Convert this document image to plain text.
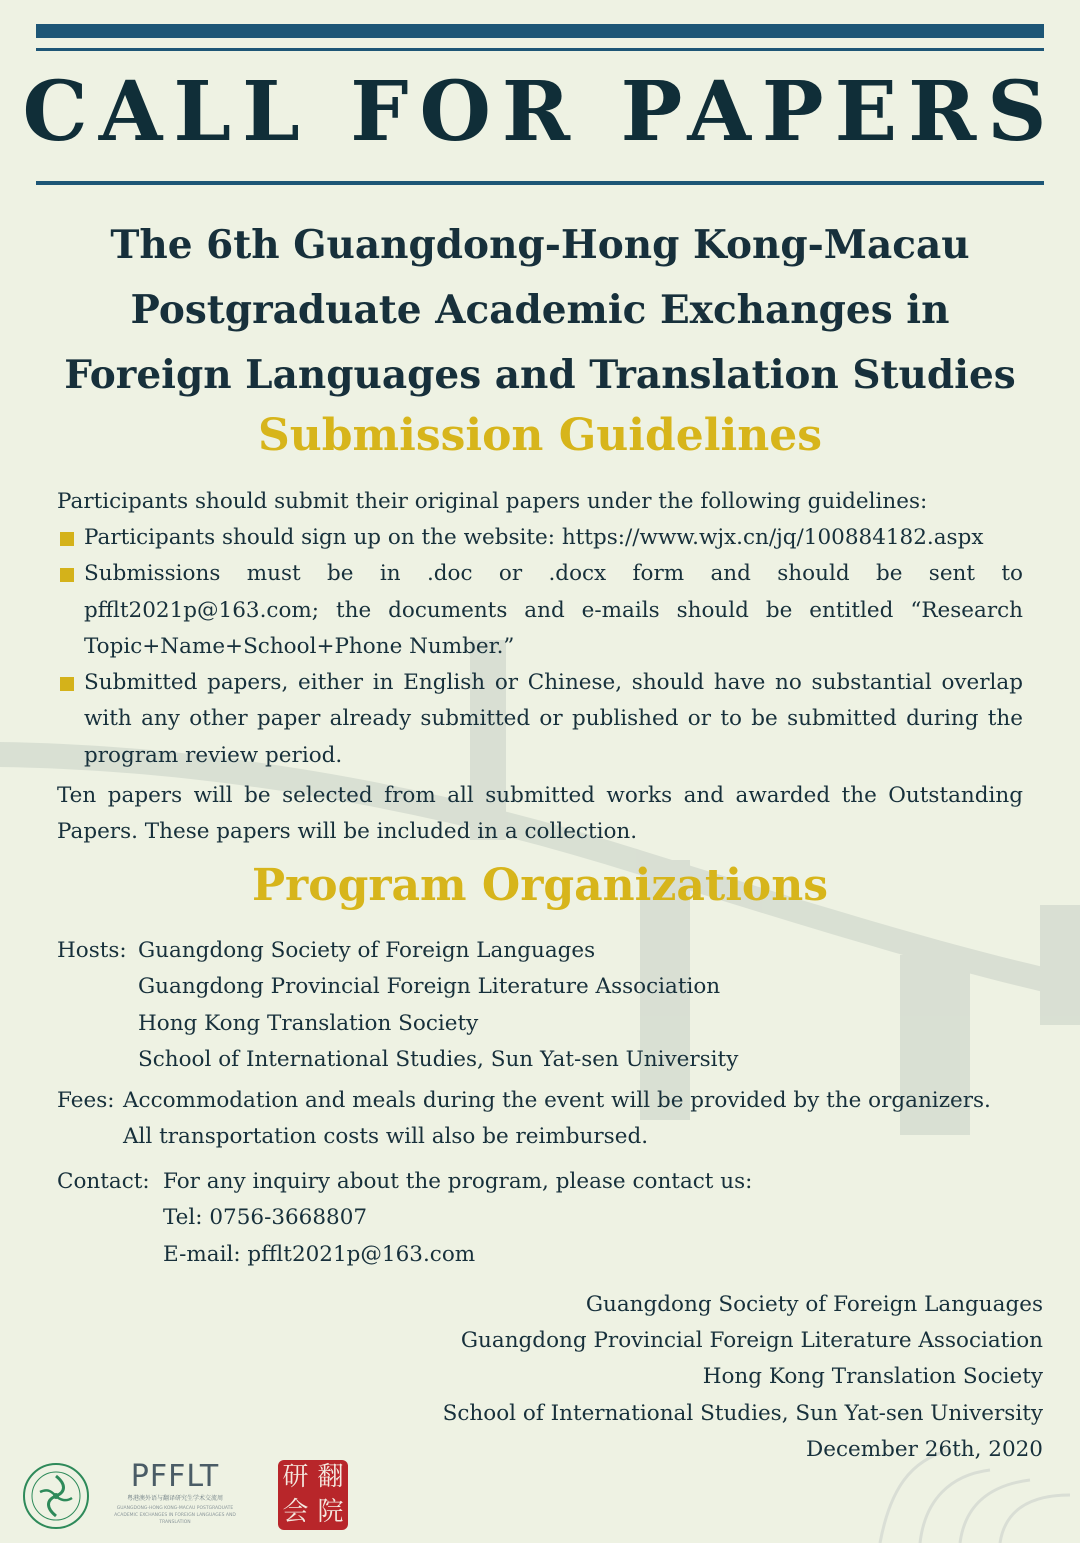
CALL FOR PAPERS
The 6th Guangdong-Hong Kong-Macau
Postgraduate Academic Exchanges in
Foreign Languages and Translation Studies
Submission Guidelines
Participants should submit their original papers under the following guidelines:
Participants should sign up on the website: https://www.wjx.cn/jq/100884182.aspx
Submissions must be in .doc or .docx form and should be sent to pfflt2021p@163.com; the documents and e-mails should be entitled “Research Topic+Name+School+Phone Number.”
Submitted papers, either in English or Chinese, should have no substantial overlap with any other paper already submitted or published or to be submitted during the program review period.
Ten papers will be selected from all submitted works and awarded the Outstanding Papers. These papers will be included in a collection.
Program Organizations
Hosts: Guangdong Society of Foreign Languages
Guangdong Provincial Foreign Literature Association
Hong Kong Translation Society
School of International Studies, Sun Yat-sen University
Fees: Accommodation and meals during the event will be provided by the organizers.
All transportation costs will also be reimbursed.
Contact: For any inquiry about the program, please contact us:
Tel: 0756-3668807
E-mail: pfflt2021p@163.com
Guangdong Society of Foreign Languages
Guangdong Provincial Foreign Literature Association
Hong Kong Translation Society
School of International Studies, Sun Yat-sen University
December 26th, 2020
PFFLT
粤港澳外语与翻译研究生学术交流周
GUANGDONG-HONG KONG-MACAU POSTGRADUATE ACADEMIC EXCHANGES IN FOREIGN LANGUAGES AND TRANSLATION
研 翻
会 院
